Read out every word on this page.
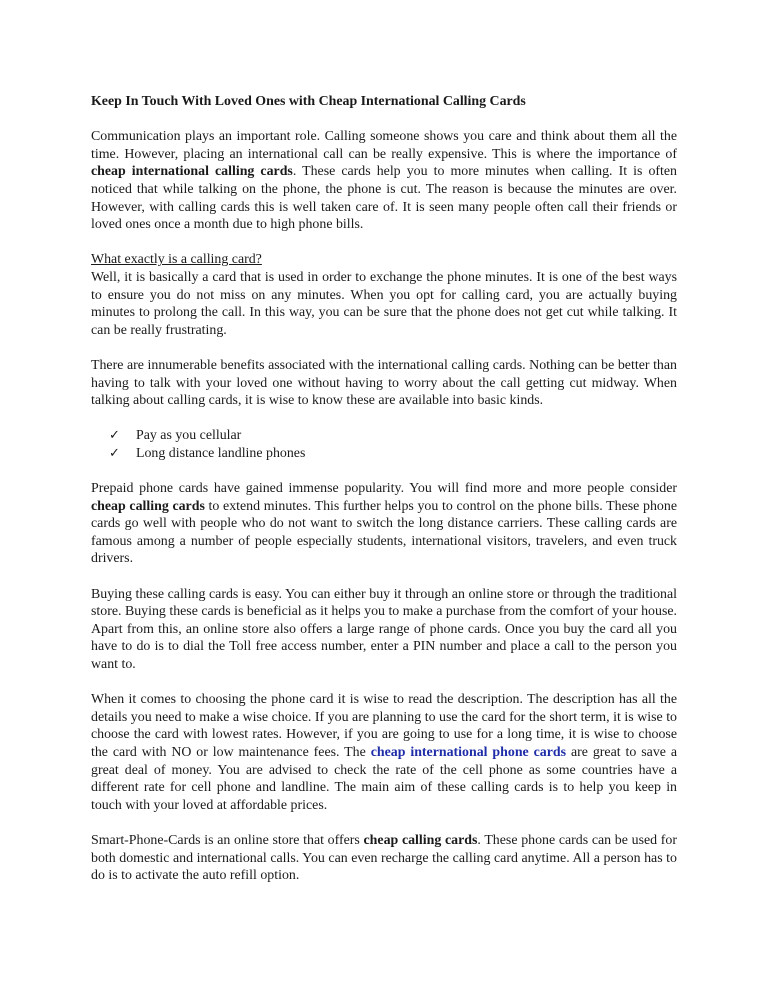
Keep In Touch With Loved Ones with Cheap International Calling Cards

Communication plays an important role. Calling someone shows you care and think about them all the time. However, placing an international call can be really expensive. This is where the importance of cheap international calling cards. These cards help you to more minutes when calling. It is often noticed that while talking on the phone, the phone is cut. The reason is because the minutes are over. However, with calling cards this is well taken care of. It is seen many people often call their friends or loved ones once a month due to high phone bills.

What exactly is a calling card?
Well, it is basically a card that is used in order to exchange the phone minutes. It is one of the best ways to ensure you do not miss on any minutes. When you opt for calling card, you are actually buying minutes to prolong the call. In this way, you can be sure that the phone does not get cut while talking. It can be really frustrating.

There are innumerable benefits associated with the international calling cards. Nothing can be better than having to talk with your loved one without having to worry about the call getting cut midway. When talking about calling cards, it is wise to know these are available into basic kinds.

✓	Pay as you cellular
✓	Long distance landline phones

Prepaid phone cards have gained immense popularity. You will find more and more people consider cheap calling cards to extend minutes. This further helps you to control on the phone bills. These phone cards go well with people who do not want to switch the long distance carriers. These calling cards are famous among a number of people especially students, international visitors, travelers, and even truck drivers.

Buying these calling cards is easy. You can either buy it through an online store or through the traditional store. Buying these cards is beneficial as it helps you to make a purchase from the comfort of your house. Apart from this, an online store also offers a large range of phone cards. Once you buy the card all you have to do is to dial the Toll free access number, enter a PIN number and place a call to the person you want to.

When it comes to choosing the phone card it is wise to read the description. The description has all the details you need to make a wise choice. If you are planning to use the card for the short term, it is wise to choose the card with lowest rates. However, if you are going to use for a long time, it is wise to choose the card with NO or low maintenance fees. The cheap international phone cards are great to save a great deal of money. You are advised to check the rate of the cell phone as some countries have a different rate for cell phone and landline. The main aim of these calling cards is to help you keep in touch with your loved at affordable prices.

Smart-Phone-Cards is an online store that offers cheap calling cards. These phone cards can be used for both domestic and international calls. You can even recharge the calling card anytime. All a person has to do is to activate the auto refill option.
